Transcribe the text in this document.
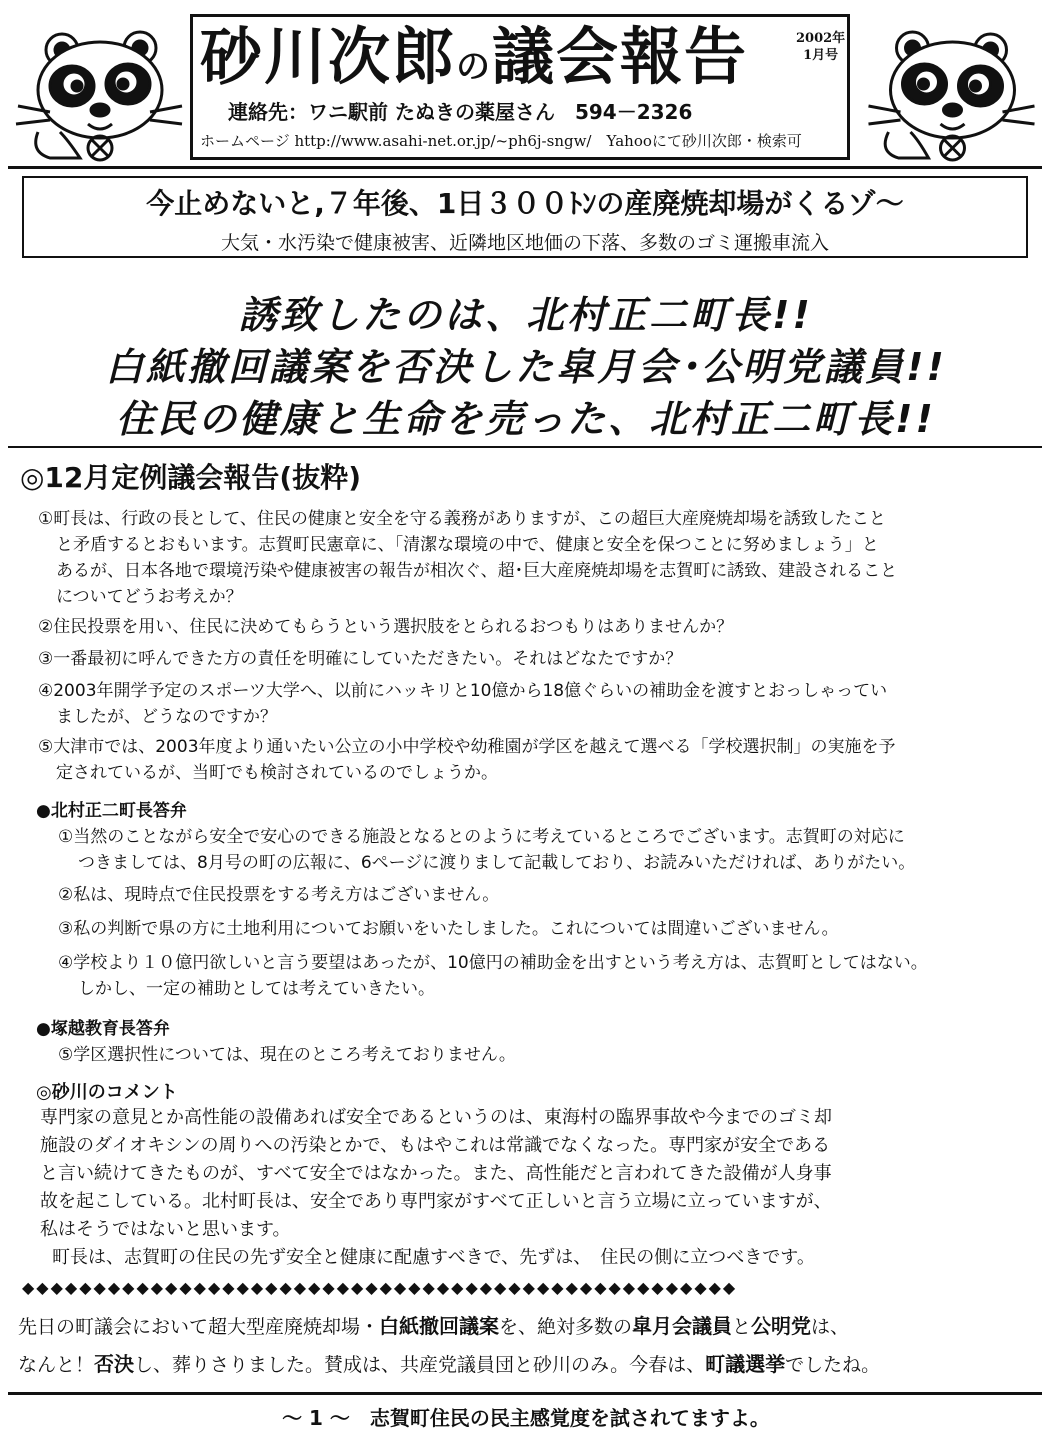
砂川次郎の議会報告	2002年
1月号
連絡先：ワニ駅前 たぬきの薬屋さん　594－2326
ホームページ http://www.asahi-net.or.jp/~ph6j-sngw/　Yahooにて砂川次郎・検索可
今止めないと,７年後、1日３００ﾄﾝの産廃焼却場がくるゾ～
大気・水汚染で健康被害、近隣地区地価の下落、多数のゴミ運搬車流入
誘致したのは、北村正二町長!!
白紙撤回議案を否決した皐月会･公明党議員!!
住民の健康と生命を売った、北村正二町長!!
◎12月定例議会報告(抜粋)
①町長は、行政の長として、住民の健康と安全を守る義務がありますが、この超巨大産廃焼却場を誘致したこと
と矛盾するとおもいます。志賀町民憲章に、「清潔な環境の中で、健康と安全を保つことに努めましょう」と
あるが、日本各地で環境汚染や健康被害の報告が相次ぐ、超･巨大産廃焼却場を志賀町に誘致、建設されること
についてどうお考えか？
②住民投票を用い、住民に決めてもらうという選択肢をとられるおつもりはありませんか？
③一番最初に呼んできた方の責任を明確にしていただきたい。それはどなたですか？
④2003年開学予定のスポーツ大学へ、以前にハッキリと10億から18億ぐらいの補助金を渡すとおっしゃってい
ましたが、どうなのですか？
⑤大津市では、2003年度より通いたい公立の小中学校や幼稚園が学区を越えて選べる「学校選択制」の実施を予
定されているが、当町でも検討されているのでしょうか。
●北村正二町長答弁
①当然のことながら安全で安心のできる施設となるとのように考えているところでございます。志賀町の対応に
つきましては、8月号の町の広報に、6ページに渡りまして記載しており、お読みいただければ、ありがたい。
②私は、現時点で住民投票をする考え方はございません。
③私の判断で県の方に土地利用についてお願いをいたしました。これについては間違いございません。
④学校より１０億円欲しいと言う要望はあったが、10億円の補助金を出すという考え方は、志賀町としてはない。
しかし、一定の補助としては考えていきたい。
●塚越教育長答弁
⑤学区選択性については、現在のところ考えておりません。
◎砂川のコメント
専門家の意見とか高性能の設備あれば安全であるというのは、東海村の臨界事故や今までのゴミ却
施設のダイオキシンの周りへの汚染とかで、もはやこれは常識でなくなった。専門家が安全である
と言い続けてきたものが、すべて安全ではなかった。また、高性能だと言われてきた設備が人身事
故を起こしている。北村町長は、安全であり専門家がすべて正しいと言う立場に立っていますが、
私はそうではないと思います。
町長は、志賀町の住民の先ず安全と健康に配慮すべきで、先ずは、　住民の側に立つべきです。
◆◆◆◆◆◆◆◆◆◆◆◆◆◆◆◆◆◆◆◆◆◆◆◆◆◆◆◆◆◆◆◆◆◆◆◆◆◆◆◆◆◆◆◆◆◆◆◆◆◆
先日の町議会において超大型産廃焼却場・白紙撤回議案を、絶対多数の皐月会議員と公明党は、
なんと！否決し、葬りさりました。賛成は、共産党議員団と砂川のみ。今春は、町議選挙でしたね。
～ 1 ～　志賀町住民の民主感覚度を試されてますよ。
